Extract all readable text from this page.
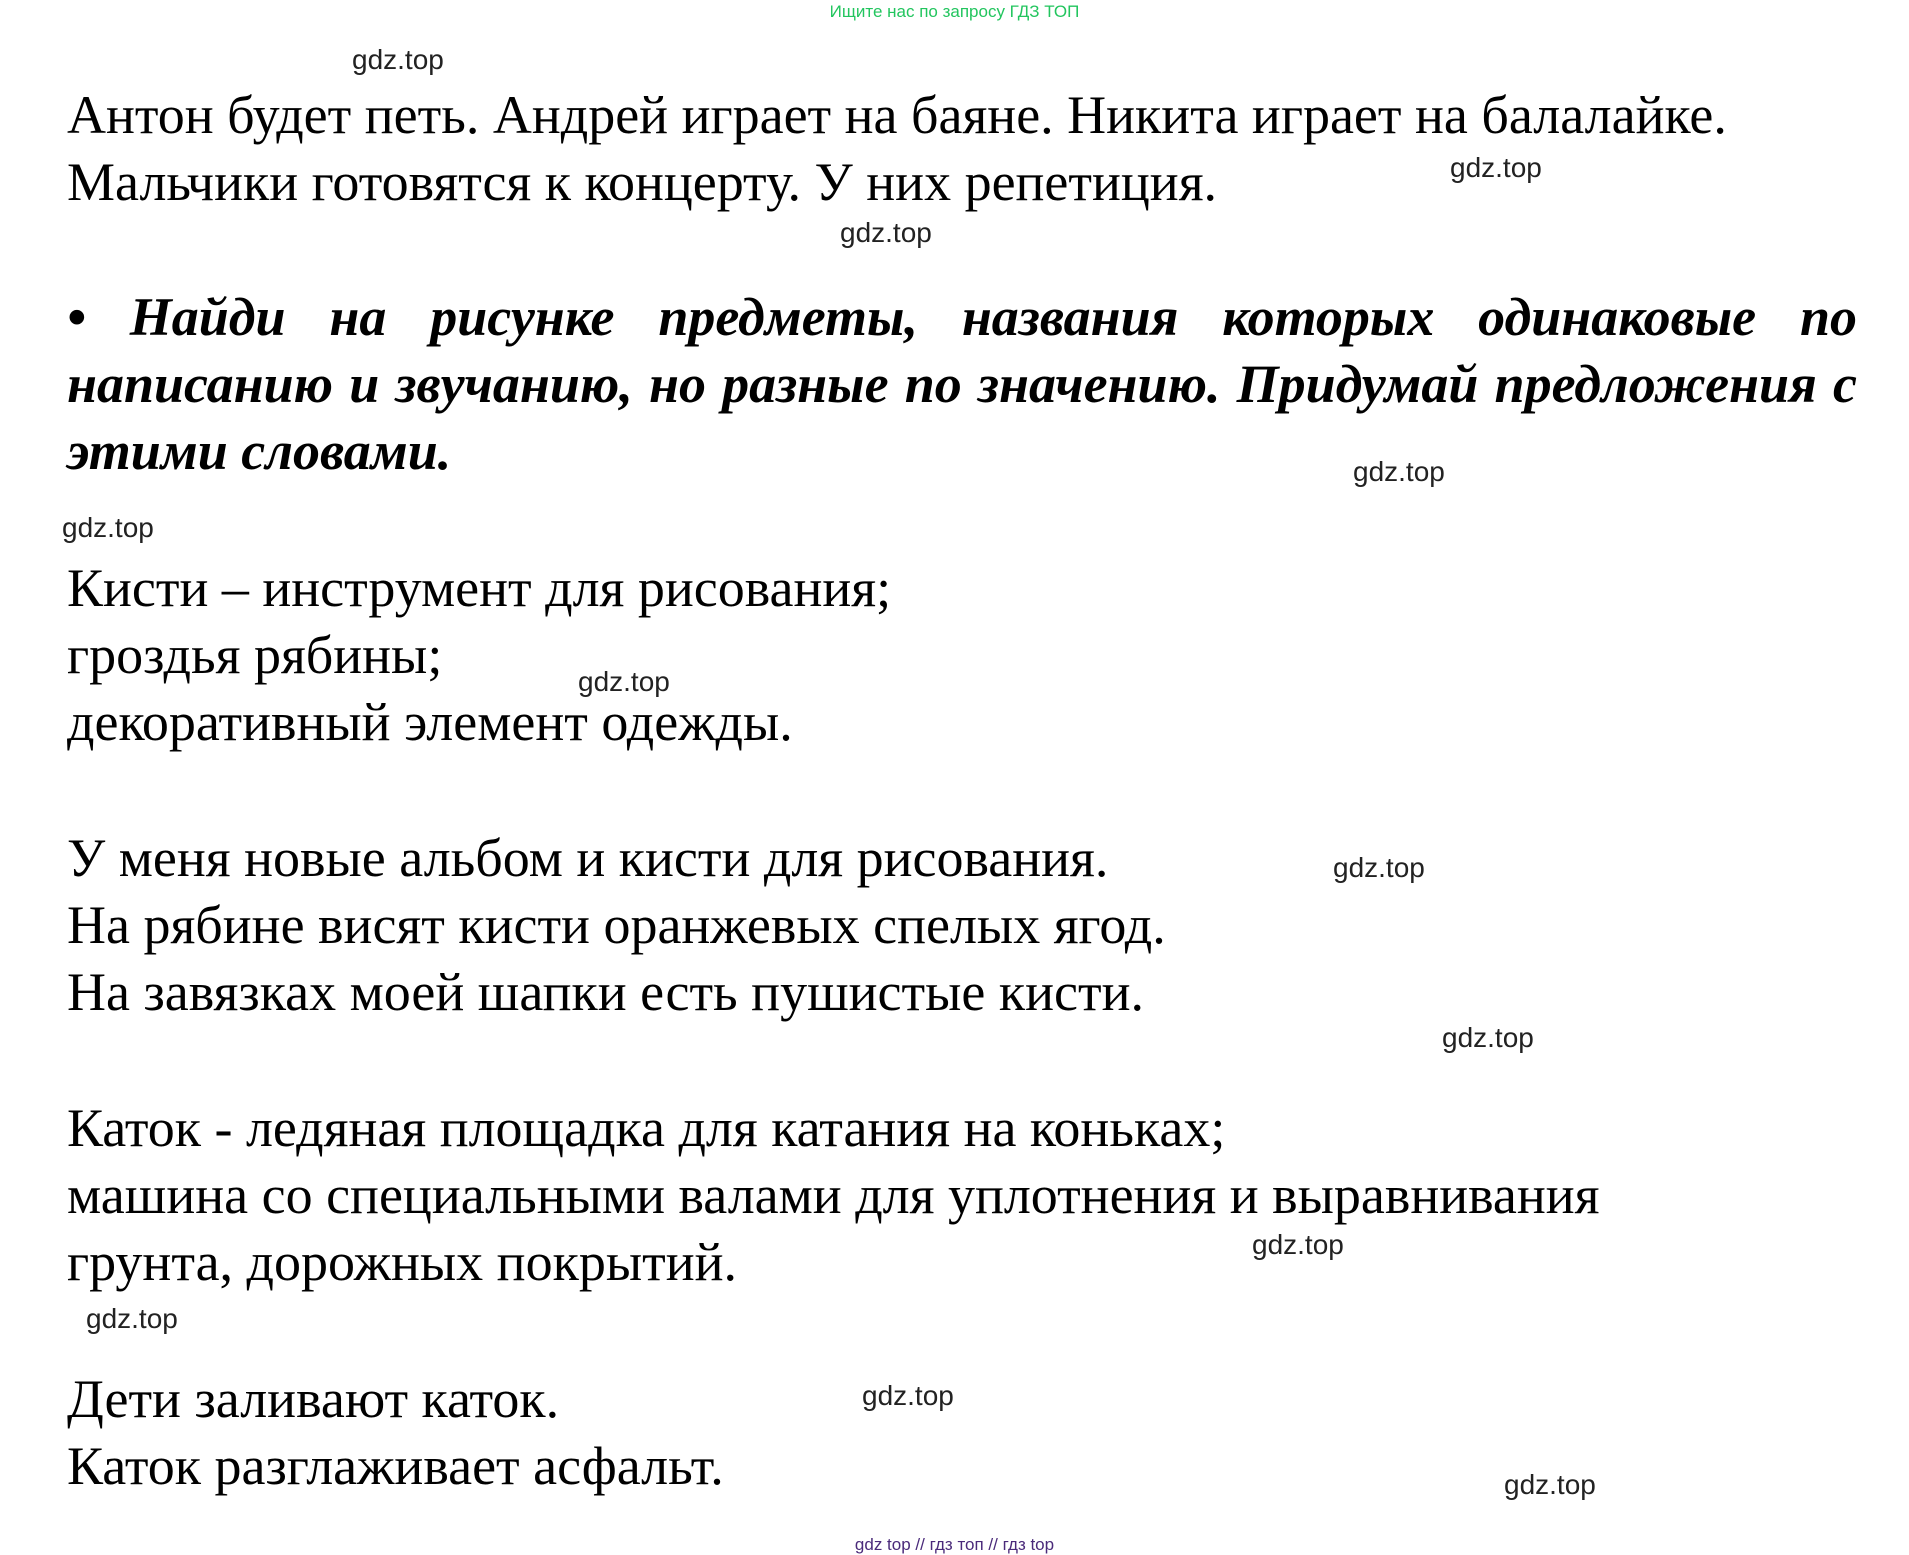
Ищите нас по запросу ГДЗ ТОП
Антон будет петь. Андрей играет на баяне. Никита играет на балалайке.
Мальчики готовятся к концерту. У них репетиция.
• Найди на рисунке предметы, названия которых одинаковые по написанию и звучанию, но разные по значению. Придумай предложения с этими словами.
Кисти – инструмент для рисования;
гроздья рябины;
декоративный элемент одежды.
У меня новые альбом и кисти для рисования.
На рябине висят кисти оранжевых спелых ягод.
На завязках моей шапки есть пушистые кисти.
Каток - ледяная площадка для катания на коньках;
машина со специальными валами для уплотнения и выравнивания
грунта, дорожных покрытий.
Дети заливают каток.
Каток разглаживает асфальт.
gdz.top
gdz.top
gdz.top
gdz.top
gdz.top
gdz.top
gdz.top
gdz.top
gdz.top
gdz.top
gdz.top
gdz.top
gdz top // гдз топ // гдз top
